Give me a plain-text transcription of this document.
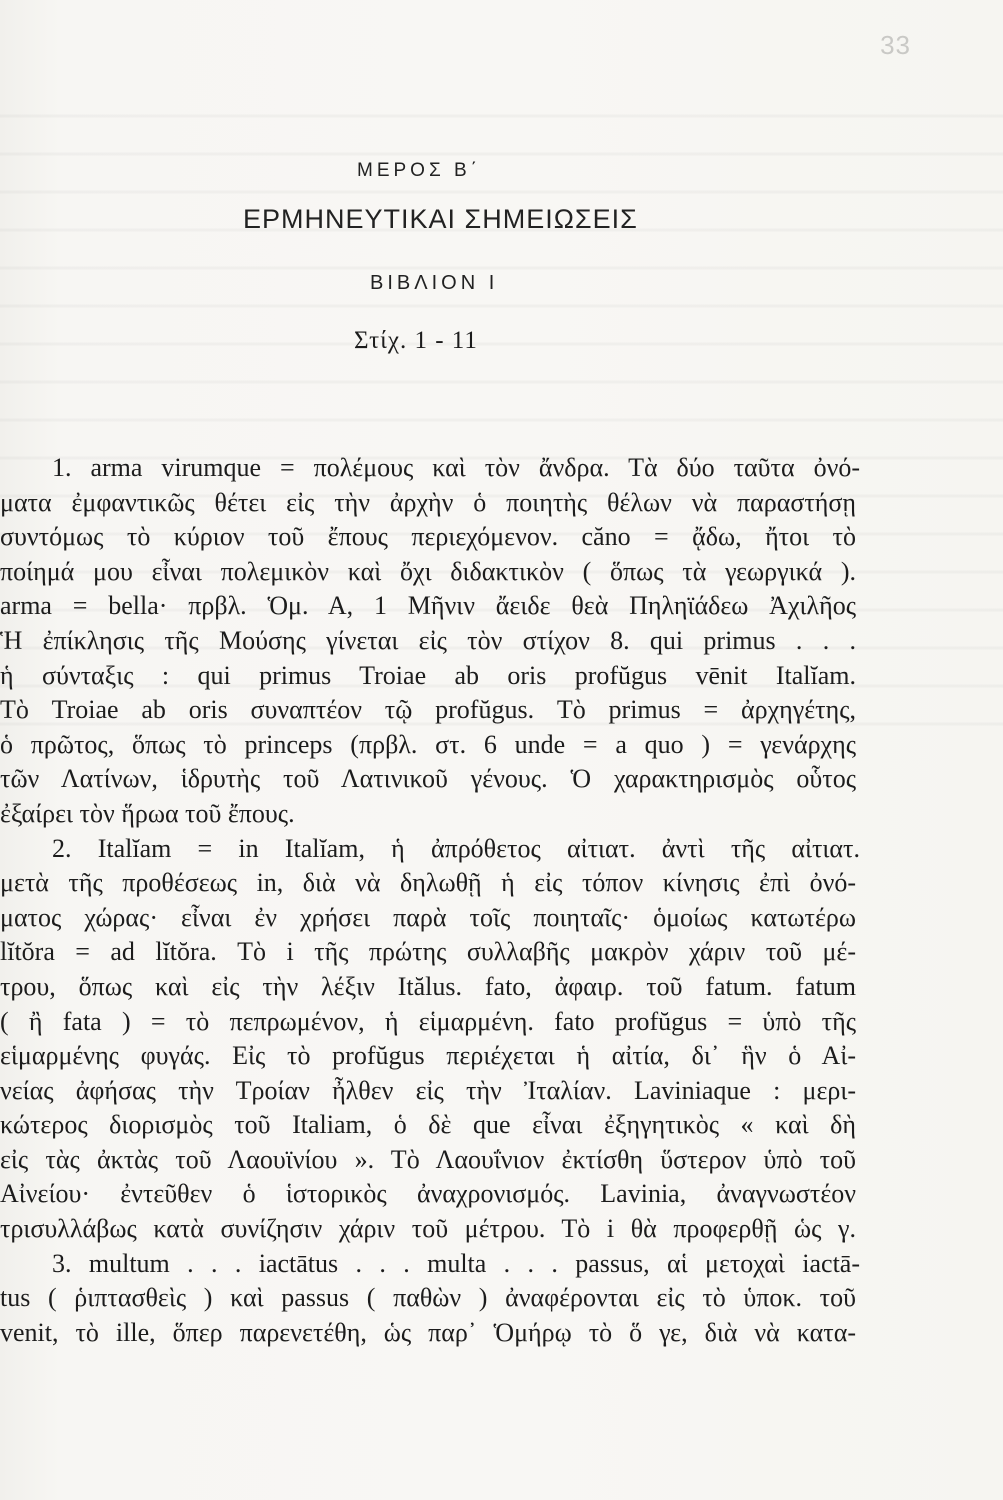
33
ΜΕΡΟΣ Β΄
ΕΡΜΗΝΕΥΤΙΚΑΙ ΣΗΜΕΙΩΣΕΙΣ
ΒΙΒΛΙΟΝ Ι
Στίχ. 1 - 11
1. arma virumque = πολέμους καὶ τὸν ἄνδρα. Τὰ δύο ταῦτα ὀνό-
ματα ἐμφαντικῶς θέτει εἰς τὴν ἀρχὴν ὁ ποιητὴς θέλων νὰ παραστήσῃ
συντόμως τὸ κύριον τοῦ ἔπους περιεχόμενον. căno = ᾄδω, ἤτοι τὸ
ποίημά μου εἶναι πολεμικὸν καὶ ὄχι διδακτικὸν ( ὅπως τὰ γεωργικά ).
arma = bella· πρβλ. Ὁμ. Α, 1 Μῆνιν ἄειδε θεὰ Πηληϊάδεω Ἀχιλῆος
Ἡ ἐπίκλησις τῆς Μούσης γίνεται εἰς τὸν στίχον 8. qui primus . . .
ἡ σύνταξις : qui primus Troiae ab oris profŭgus vēnit Italĭam.
Τὸ Troiae ab oris συναπτέον τῷ profŭgus. Τὸ primus = ἀρχηγέτης,
ὁ πρῶτος, ὅπως τὸ princeps (πρβλ. στ. 6 unde = a quo ) = γενάρχης
τῶν Λατίνων, ἱδρυτὴς τοῦ Λατινικοῦ γένους. Ὁ χαρακτηρισμὸς οὗτος
ἐξαίρει τὸν ἥρωα τοῦ ἔπους.
2. Italĭam = in Italĭam, ἡ ἀπρόθετος αἰτιατ. ἀντὶ τῆς αἰτιατ.
μετὰ τῆς προθέσεως in, διὰ νὰ δηλωθῇ ἡ εἰς τόπον κίνησις ἐπὶ ὀνό-
ματος χώρας· εἶναι ἐν χρήσει παρὰ τοῖς ποιηταῖς· ὁμοίως κατωτέρω
lĭtŏra = ad lĭtŏra. Τὸ i τῆς πρώτης συλλαβῆς μακρὸν χάριν τοῦ μέ-
τρου, ὅπως καὶ εἰς τὴν λέξιν Itălus. fato, ἀφαιρ. τοῦ fatum. fatum
( ἢ fata ) = τὸ πεπρωμένον, ἡ εἱμαρμένη. fato profŭgus = ὑπὸ τῆς
εἱμαρμένης φυγάς. Εἰς τὸ profŭgus περιέχεται ἡ αἰτία, δι᾽ ἣν ὁ Αἰ-
νείας ἀφήσας τὴν Τροίαν ἦλθεν εἰς τὴν Ἰταλίαν. Laviniaque : μερι-
κώτερος διορισμὸς τοῦ Italiam, ὁ δὲ que εἶναι ἐξηγητικὸς « καὶ δὴ
εἰς τὰς ἀκτὰς τοῦ Λαουϊνίου ». Τὸ Λαουΐνιον ἐκτίσθη ὕστερον ὑπὸ τοῦ
Αἰνείου· ἐντεῦθεν ὁ ἱστορικὸς ἀναχρονισμός. Lavinia, ἀναγνωστέον
τρισυλλάβως κατὰ συνίζησιν χάριν τοῦ μέτρου. Τὸ i θὰ προφερθῇ ὡς γ.
3. multum . . . iactātus . . . multa . . . passus, αἱ μετοχαὶ iactā-
tus ( ῥιπτασθεὶς ) καὶ passus ( παθὼν ) ἀναφέρονται εἰς τὸ ὑποκ. τοῦ
venit, τὸ ille, ὅπερ παρενετέθη, ὡς παρ᾽ Ὁμήρῳ τὸ ὅ γε, διὰ νὰ κατα-
